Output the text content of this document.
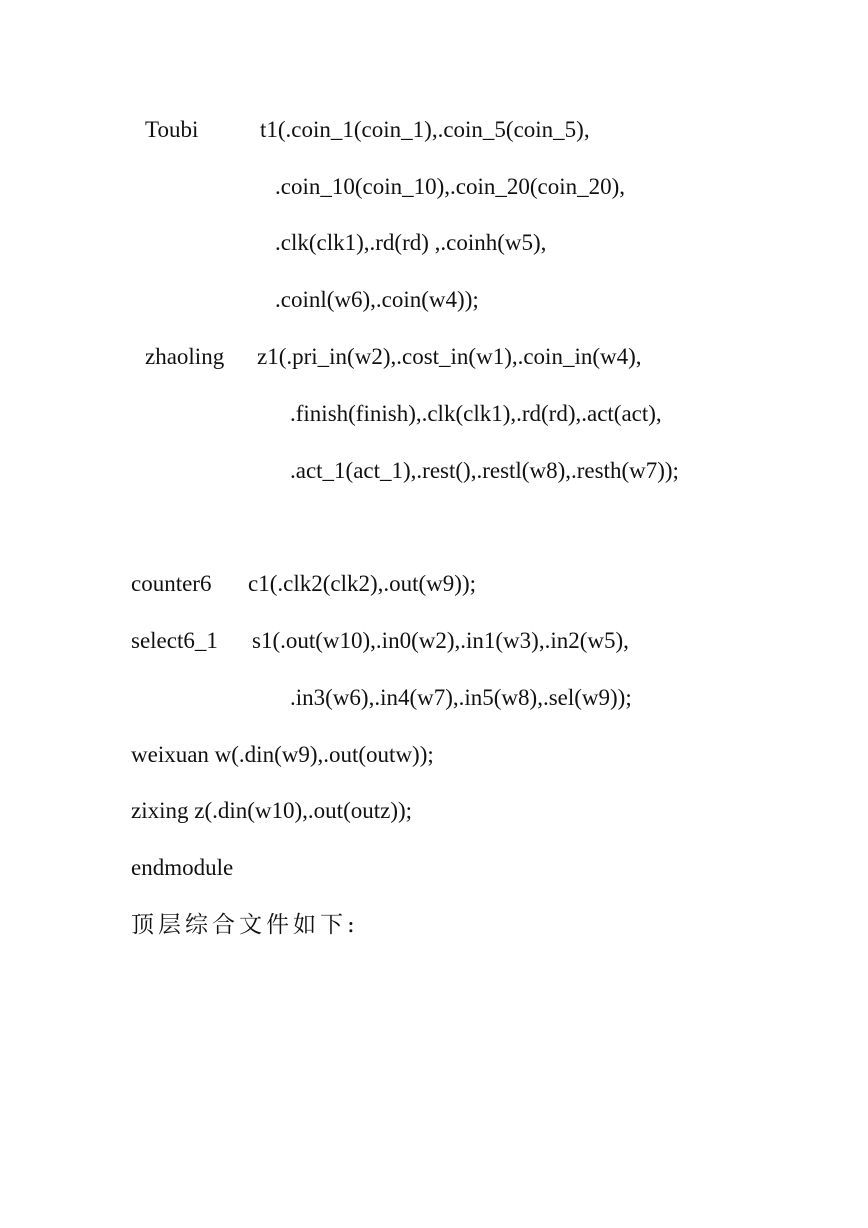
Toubi	t1(.coin_1(coin_1),.coin_5(coin_5),
.coin_10(coin_10),.coin_20(coin_20),
.clk(clk1),.rd(rd) ,.coinh(w5),
.coinl(w6),.coin(w4));
zhaoling z1(.pri_in(w2),.cost_in(w1),.coin_in(w4),
.finish(finish),.clk(clk1),.rd(rd),.act(act),
.act_1(act_1),.rest(),.restl(w8),.resth(w7));
counter6 c1(.clk2(clk2),.out(w9));
select6_1 s1(.out(w10),.in0(w2),.in1(w3),.in2(w5),
.in3(w6),.in4(w7),.in5(w8),.sel(w9));
weixuan w(.din(w9),.out(outw));
zixing z(.din(w10),.out(outz));
endmodule
顶层综合文件如下:
